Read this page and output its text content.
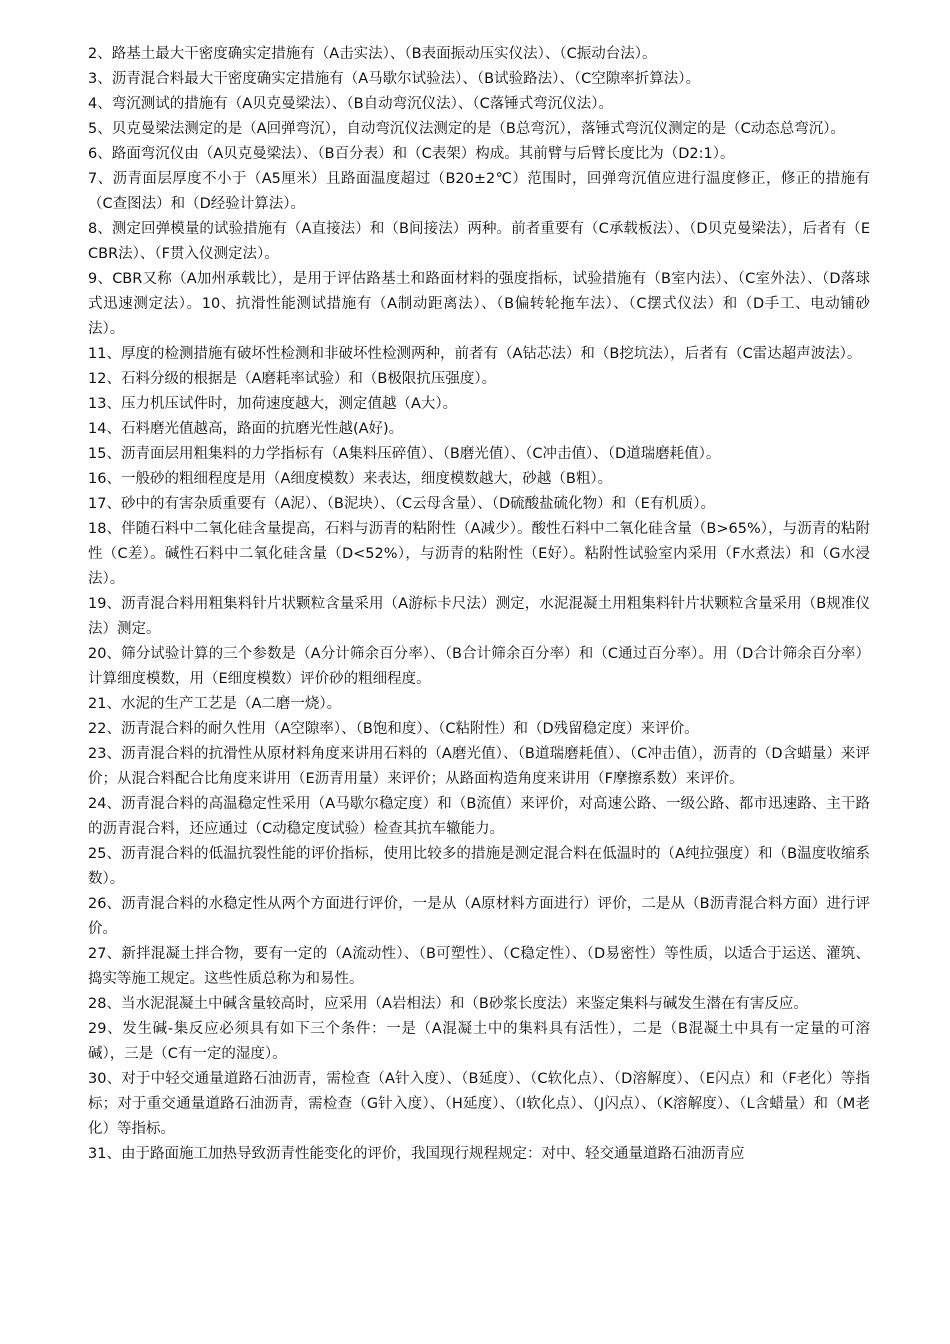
2、路基土最大干密度确实定措施有（A击实法）、（B表面振动压实仪法）、（C振动台法）。

3、沥青混合料最大干密度确实定措施有（A马歇尔试验法）、（B试验路法）、（C空隙率折算法）。

4、弯沉测试的措施有（A贝克曼梁法）、（B自动弯沉仪法）、（C落锤式弯沉仪法）。

5、贝克曼梁法测定的是（A回弹弯沉），自动弯沉仪法测定的是（B总弯沉），落锤式弯沉仪测定的是（C动态总弯沉）。

6、路面弯沉仪由（A贝克曼梁法）、（B百分表）和（C表架）构成。其前臂与后臂长度比为（D2:1）。

7、沥青面层厚度不小于（A5厘米）且路面温度超过（B20±2℃）范围时，回弹弯沉值应进行温度修正，修正的措施有（C查图法）和（D经验计算法）。

8、测定回弹模量的试验措施有（A直接法）和（B间接法）两种。前者重要有（C承载板法）、（D贝克曼梁法），后者有（E CBR法）、（F贯入仪测定法）。

9、CBR又称（A加州承载比），是用于评估路基土和路面材料的强度指标，试验措施有（B室内法）、（C室外法）、（D落球式迅速测定法）。10、抗滑性能测试措施有（A制动距离法）、（B偏转轮拖车法）、（C摆式仪法）和（D手工、电动铺砂法）。

11、厚度的检测措施有破坏性检测和非破坏性检测两种，前者有（A钻芯法）和（B挖坑法），后者有（C雷达超声波法）。

12、石料分级的根据是（A磨耗率试验）和（B极限抗压强度）。

13、压力机压试件时，加荷速度越大，测定值越（A大）。

14、石料磨光值越高，路面的抗磨光性越(A好)。

15、沥青面层用粗集料的力学指标有（A集料压碎值）、（B磨光值）、（C冲击值）、（D道瑞磨耗值）。

16、一般砂的粗细程度是用（A细度模数）来表达，细度模数越大，砂越（B粗）。

17、砂中的有害杂质重要有（A泥）、（B泥块）、（C云母含量）、（D硫酸盐硫化物）和（E有机质）。

18、伴随石料中二氧化硅含量提高，石料与沥青的粘附性（A减少）。酸性石料中二氧化硅含量（B>65%），与沥青的粘附性（C差）。碱性石料中二氧化硅含量（D<52%），与沥青的粘附性（E好）。粘附性试验室内采用（F水煮法）和（G水浸法）。

19、沥青混合料用粗集料针片状颗粒含量采用（A游标卡尺法）测定，水泥混凝土用粗集料针片状颗粒含量采用（B规准仪法）测定。

20、筛分试验计算的三个参数是（A分计筛余百分率）、（B合计筛余百分率）和（C通过百分率）。用（D合计筛余百分率）计算细度模数，用（E细度模数）评价砂的粗细程度。

21、水泥的生产工艺是（A二磨一烧）。

22、沥青混合料的耐久性用（A空隙率）、（B饱和度）、（C粘附性）和（D残留稳定度）来评价。

23、沥青混合料的抗滑性从原材料角度来讲用石料的（A磨光值）、（B道瑞磨耗值）、（C冲击值），沥青的（D含蜡量）来评价；从混合料配合比角度来讲用（E沥青用量）来评价；从路面构造角度来讲用（F摩擦系数）来评价。

24、沥青混合料的高温稳定性采用（A马歇尔稳定度）和（B流值）来评价，对高速公路、一级公路、都市迅速路、主干路的沥青混合料，还应通过（C动稳定度试验）检查其抗车辙能力。

25、沥青混合料的低温抗裂性能的评价指标，使用比较多的措施是测定混合料在低温时的（A纯拉强度）和（B温度收缩系数）。

26、沥青混合料的水稳定性从两个方面进行评价，一是从（A原材料方面进行）评价，二是从（B沥青混合料方面）进行评价。

27、新拌混凝土拌合物，要有一定的（A流动性）、（B可塑性）、（C稳定性）、（D易密性）等性质，以适合于运送、灌筑、捣实等施工规定。这些性质总称为和易性。

28、当水泥混凝土中碱含量较高时，应采用（A岩相法）和（B砂浆长度法）来鉴定集料与碱发生潜在有害反应。

29、发生碱-集反应必须具有如下三个条件：一是（A混凝土中的集料具有活性），二是（B混凝土中具有一定量的可溶碱），三是（C有一定的湿度）。

30、对于中轻交通量道路石油沥青，需检查（A针入度）、（B延度）、（C软化点）、（D溶解度）、（E闪点）和（F老化）等指标；对于重交通量道路石油沥青，需检查（G针入度）、（H延度）、（I软化点）、（J闪点）、（K溶解度）、（L含蜡量）和（M老化）等指标。

31、由于路面施工加热导致沥青性能变化的评价，我国现行规程规定：对中、轻交通量道路石油沥青应
